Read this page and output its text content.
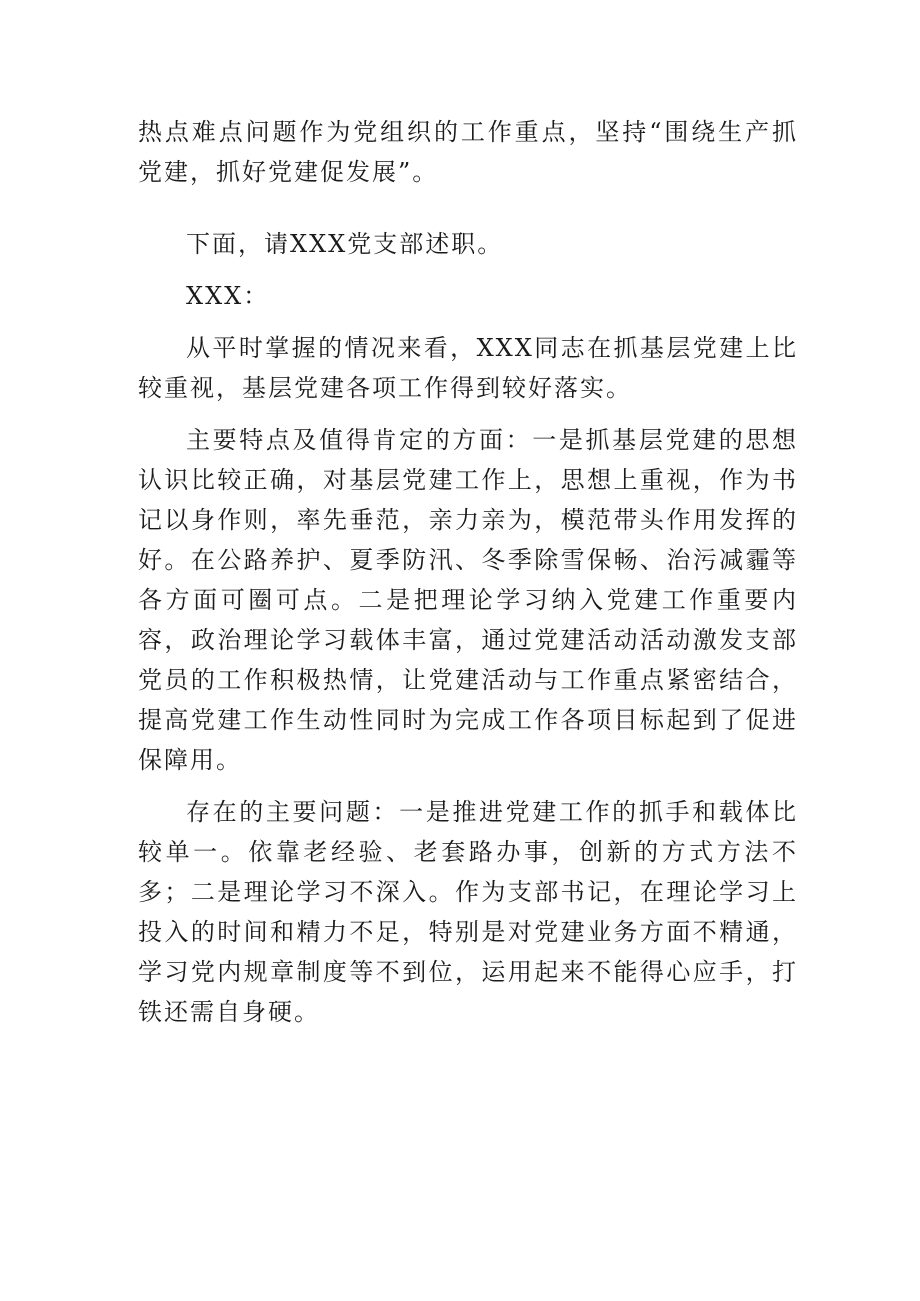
热点难点问题作为党组织的工作重点，坚持“围绕生产抓党建，抓好党建促发展”。

下面，请XXX党支部述职。

XXX：

从平时掌握的情况来看，XXX同志在抓基层党建上比较重视，基层党建各项工作得到较好落实。

主要特点及值得肯定的方面：一是抓基层党建的思想认识比较正确，对基层党建工作上，思想上重视，作为书记以身作则，率先垂范，亲力亲为，模范带头作用发挥的好。在公路养护、夏季防汛、冬季除雪保畅、治污减霾等各方面可圈可点。二是把理论学习纳入党建工作重要内容，政治理论学习载体丰富，通过党建活动活动激发支部党员的工作积极热情，让党建活动与工作重点紧密结合，提高党建工作生动性同时为完成工作各项目标起到了促进保障用。

存在的主要问题：一是推进党建工作的抓手和载体比较单一。依靠老经验、老套路办事，创新的方式方法不多；二是理论学习不深入。作为支部书记，在理论学习上投入的时间和精力不足，特别是对党建业务方面不精通，学习党内规章制度等不到位，运用起来不能得心应手，打铁还需自身硬。
